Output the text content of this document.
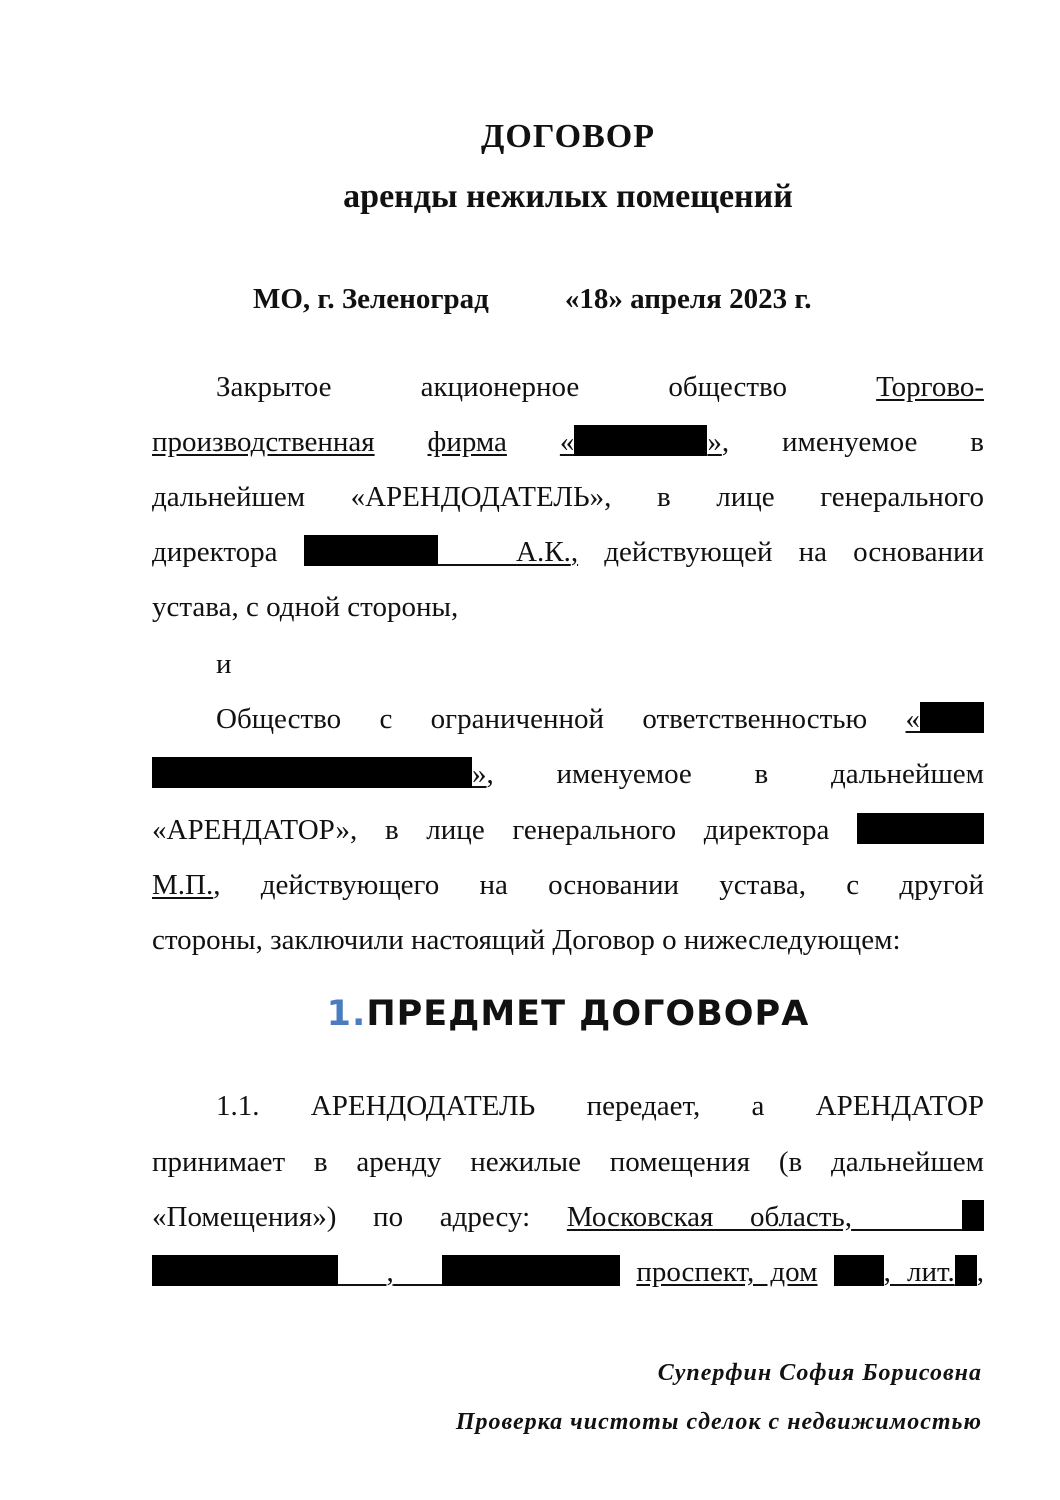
ДОГОВОР
аренды нежилых помещений
МО, г. Зеленоград	«18» апреля 2023 г.
Закрытое	акционерное	общество	Торгово-
производственная фирма «	», именуемое в
дальнейшем «АРЕНДОДАТЕЛЬ», в лице генерального
директора	А.К., действующей на основании
устава, с одной стороны,
и
Общество с ограниченной ответственностью «
», именуемое в дальнейшем
«АРЕНДАТОР», в лице генерального директора
М.П., действующего на основании устава, с другой
стороны, заключили настоящий Договор о нижеследующем:
1.ПРЕДМЕТ ДОГОВОРА
1.1. АРЕНДОДАТЕЛЬ передает, а АРЕНДАТОР
принимает в аренду нежилые помещения (в дальнейшем
«Помещения») по адресу: Московская область,
,	проспект, дом , лит. ,
Суперфин София Борисовна
Проверка чистоты сделок с недвижимостью
